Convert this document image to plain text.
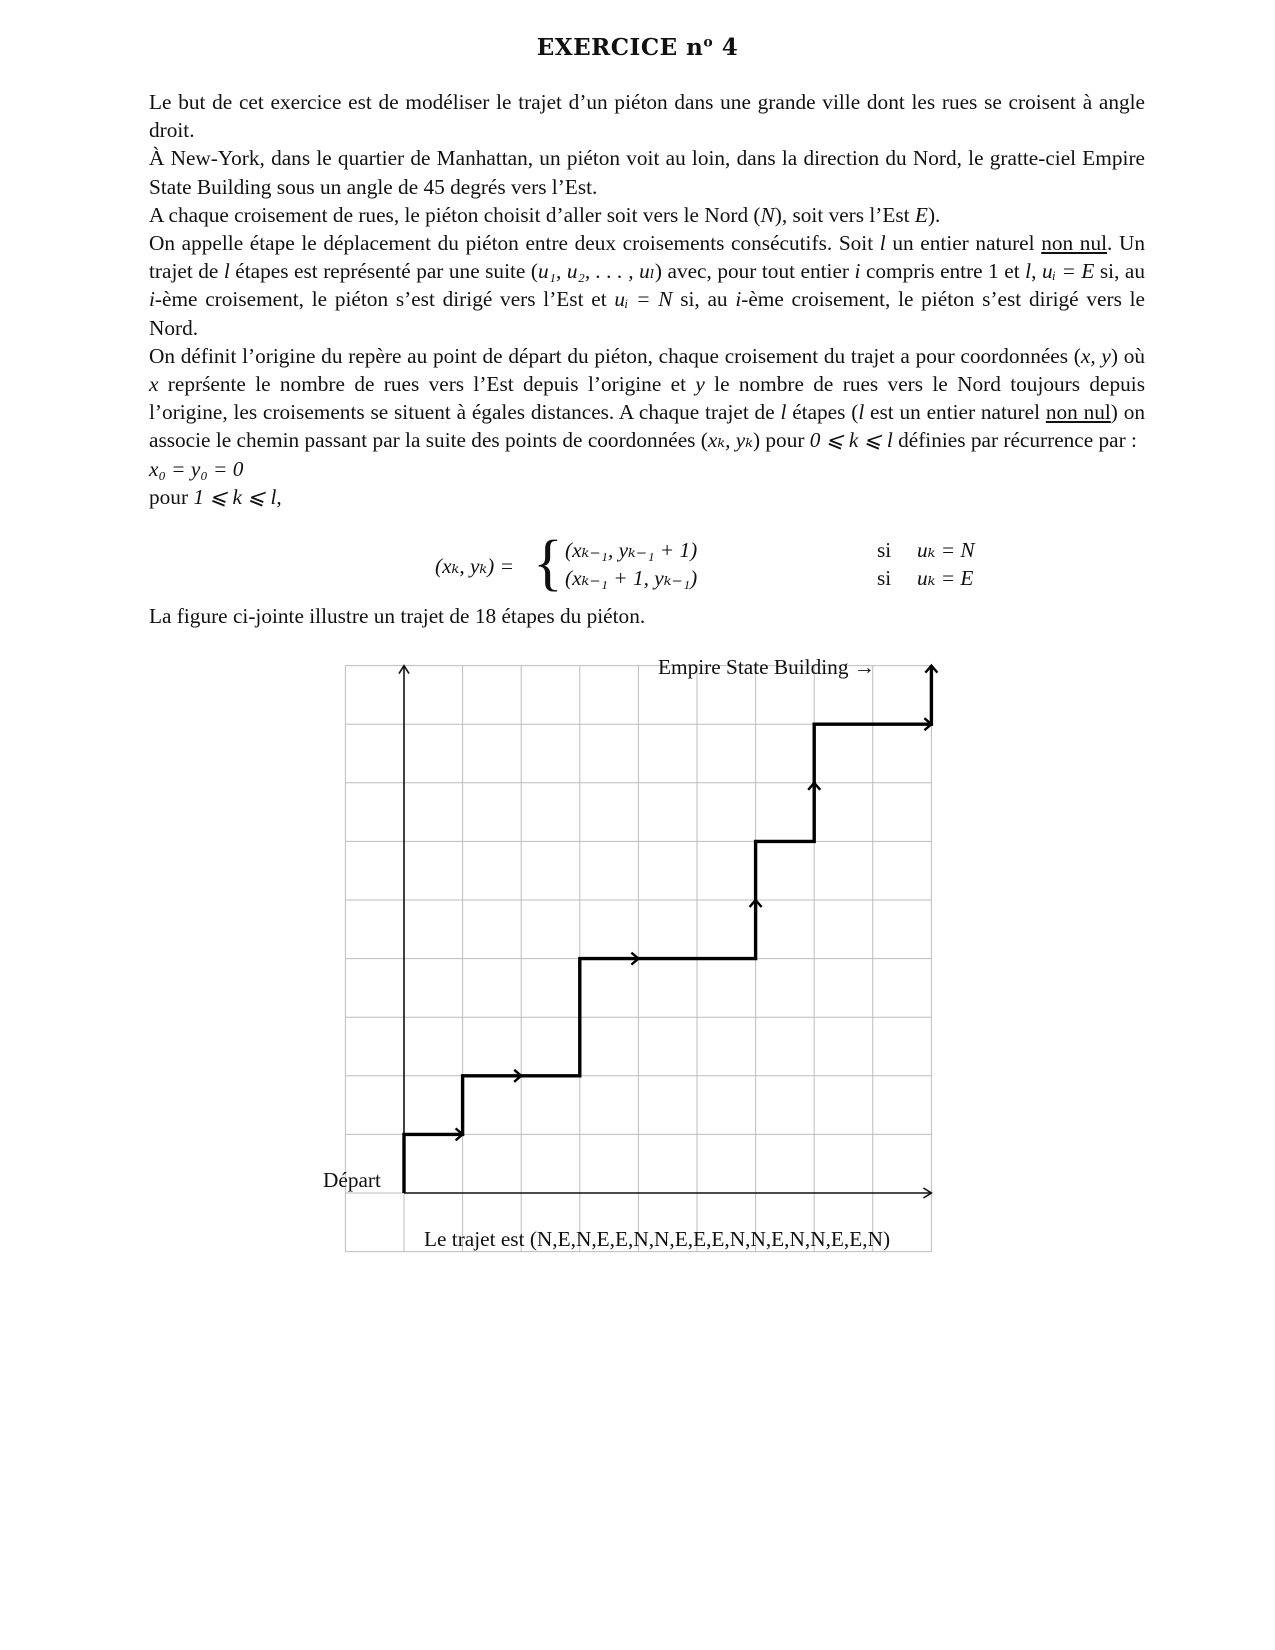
EXERCICE $n^o$ 4

Le but de cet exercice est de modéliser le trajet d’un piéton dans une grande ville dont les rues se croisent à angle droit.

À New-York, dans le quartier de Manhattan, un piéton voit au loin, dans la direction du Nord, le gratte-ciel Empire State Building sous un angle de 45 degrés vers l’Est.

A chaque croisement de rues, le piéton choisit d’aller soit vers le Nord (N), soit vers l’Est E).

On appelle étape le déplacement du piéton entre deux croisements consécutifs. Soit l un entier naturel non nul. Un trajet de l étapes est représenté par une suite (u₁, u₂, . . . , uₗ) avec, pour tout entier i compris entre 1 et l, uᵢ = E si, au i-ème croisement, le piéton s’est dirigé vers l’Est et uᵢ = N si, au i-ème croisement, le piéton s’est dirigé vers le Nord.

On définit l’origine du repère au point de départ du piéton, chaque croisement du trajet a pour coordonnées (x, y) où x reprśente le nombre de rues vers l’Est depuis l’origine et y le nombre de rues vers le Nord toujours depuis l’origine, les croisements se situent à égales distances. A chaque trajet de l étapes (l est un entier naturel non nul) on associe le chemin passant par la suite des points de coordonnées (xₖ, yₖ) pour 0 ⩽ k ⩽ l définies par récurrence par :

x₀ = y₀ = 0

pour 1 ⩽ k ⩽ l,

(xₖ, yₖ) = { (xₖ₋₁, yₖ₋₁ + 1)	si uₖ = N
(xₖ₋₁ + 1, yₖ₋₁)	si uₖ = E
La figure ci-jointe illustre un trajet de 18 étapes du piéton.
Empire State Building →
Départ
Le trajet est (N,E,N,E,E,N,N,E,E,E,N,N,E,N,N,E,E,N)
